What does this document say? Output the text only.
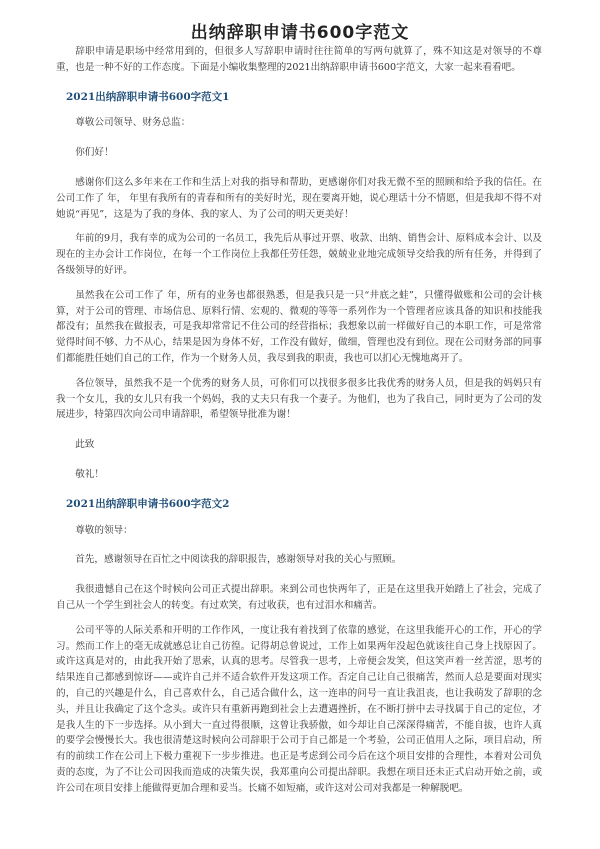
出纳辞职申请书600字范文

辞职申请是职场中经常用到的，但很多人写辞职申请时往往简单的写两句就算了，殊不知这是对领导的不尊重，也是一种不好的工作态度。下面是小编收集整理的2021出纳辞职申请书600字范文，大家一起来看看吧。

2021出纳辞职申请书600字范文1

尊敬公司领导、财务总监：

你们好！

感谢你们这么多年来在工作和生活上对我的指导和帮助，更感谢你们对我无微不至的照顾和给予我的信任。在公司工作了 年， 年里有我所有的青春和所有的美好时光，现在要离开她，说心理话十分不情愿，但是我却不得不对她说“再见”，这是为了我的身体、我的家人、为了公司的明天更美好！

年前的9月，我有幸的成为公司的一名员工，我先后从事过开票、收款、出纳、销售会计、原料成本会计、以及现在的主办会计工作岗位，在每一个工作岗位上我都任劳任怨，兢兢业业地完成领导交给我的所有任务，并得到了各级领导的好评。

虽然我在公司工作了 年，所有的业务也都很熟悉，但是我只是一只“井底之蛙”，只懂得做账和公司的会计核算，对于公司的管理、市场信息、原料行情、宏观的、微观的等等一系列作为一个管理者应该具备的知识和技能我都没有；虽然我在做报表，可是我却常常记不住公司的经营指标；我想象以前一样做好自己的本职工作，可是常常觉得时间不够、力不从心，结果是因为身体不好，工作没有做好，做细，管理也没有到位。现在公司财务部的同事们都能胜任她们自己的工作，作为一个财务人员，我尽到我的职责，我也可以扪心无愧地离开了。

各位领导，虽然我不是一个优秀的财务人员，可你们可以找很多很多比我优秀的财务人员，但是我的妈妈只有我一个女儿，我的女儿只有我一个妈妈，我的丈夫只有我一个妻子。为他们，也为了我自己，同时更为了公司的发展进步，特第四次向公司申请辞职，希望领导批准为谢！

此致

敬礼！

2021出纳辞职申请书600字范文2

尊敬的领导：

首先，感谢领导在百忙之中阅读我的辞职报告，感谢领导对我的关心与照顾。

我很遗憾自己在这个时候向公司正式提出辞职。来到公司也快两年了，正是在这里我开始踏上了社会，完成了自己从一个学生到社会人的转变。有过欢笑，有过收获，也有过泪水和痛苦。

公司平等的人际关系和开明的工作作风，一度让我有着找到了依靠的感觉，在这里我能开心的工作，开心的学习。然而工作上的毫无成就感总让自己彷徨。记得胡总曾说过，工作上如果两年没起色就该往自己身上找原因了。或许这真是对的，由此我开始了思索，认真的思考。尽管我一思考，上帝便会发笑，但这笑声着一丝苦涩，思考的结果连自己都感到惊讶——或许自己并不适合软件开发这项工作。否定自己让自己很痛苦，然而人总是要面对现实的，自己的兴趣是什么，自己喜欢什么，自己适合做什么，这一连串的问号一直让我沮丧，也让我萌发了辞职的念头，并且让我确定了这个念头。或许只有重新再跑到社会上去遭遇挫折，在不断打拼中去寻找属于自己的定位，才是我人生的下一步选择。从小到大一直过得很顺，这曾让我骄傲，如今却让自己深深得痛苦，不能自拔，也许人真的要学会慢慢长大。我也很清楚这时候向公司辞职于公司于自己都是一个考验，公司正值用人之际，项目启动，所有的前续工作在公司上下极力重视下一步步推进。也正是考虑到公司今后在这个项目安排的合理性，本着对公司负责的态度，为了不让公司因我而造成的决策失误，我郑重向公司提出辞职。我想在项目还未正式启动开始之前，或许公司在项目安排上能做得更加合理和妥当。长痛不如短痛，或许这对公司对我都是一种解脱吧。
